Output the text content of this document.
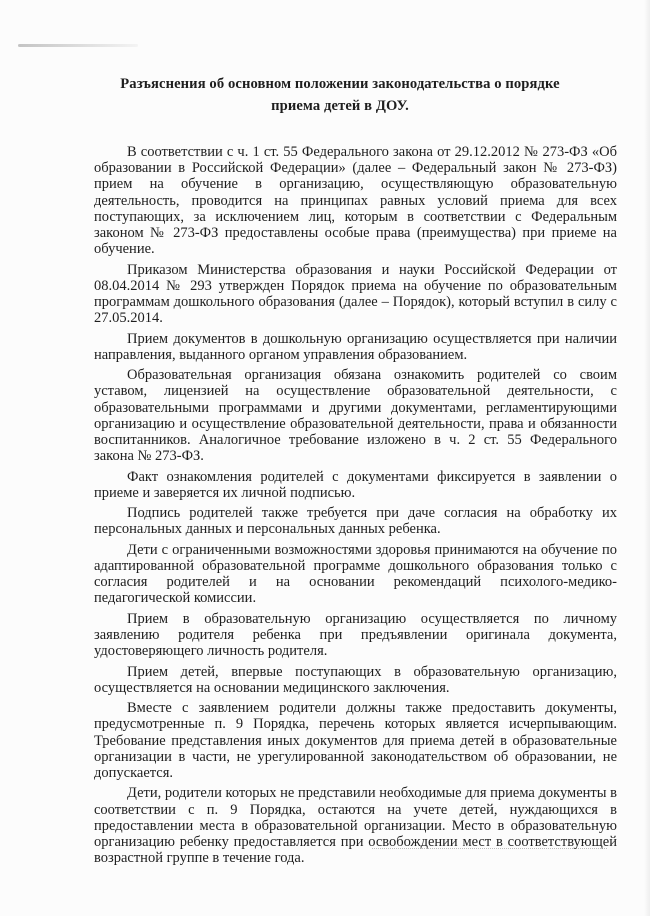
Разъяснения об основном положении законодательства о порядке
приема детей в ДОУ.

В соответствии с ч. 1 ст. 55 Федерального закона от 29.12.2012 № 273-ФЗ «Об образовании в Российской Федерации» (далее – Федеральный закон № 273-ФЗ) прием на обучение в организацию, осуществляющую образовательную деятельность, проводится на принципах равных условий приема для всех поступающих, за исключением лиц, которым в соответствии с Федеральным законом № 273-ФЗ предоставлены особые права (преимущества) при приеме на обучение.

Приказом Министерства образования и науки Российской Федерации от 08.04.2014 № 293 утвержден Порядок приема на обучение по образовательным программам дошкольного образования (далее – Порядок), который вступил в силу с 27.05.2014.

Прием документов в дошкольную организацию осуществляется при наличии направления, выданного органом управления образованием.

Образовательная организация обязана ознакомить родителей со своим уставом, лицензией на осуществление образовательной деятельности, с образовательными программами и другими документами, регламентирующими организацию и осуществление образовательной деятельности, права и обязанности воспитанников. Аналогичное требование изложено в ч. 2 ст. 55 Федерального закона № 273-ФЗ.

Факт ознакомления родителей с документами фиксируется в заявлении о приеме и заверяется их личной подписью.

Подпись родителей также требуется при даче согласия на обработку их персональных данных и персональных данных ребенка.

Дети с ограниченными возможностями здоровья принимаются на обучение по адаптированной образовательной программе дошкольного образования только с согласия родителей и на основании рекомендаций психолого-медико-педагогической комиссии.

Прием в образовательную организацию осуществляется по личному заявлению родителя ребенка при предъявлении оригинала документа, удостоверяющего личность родителя.

Прием детей, впервые поступающих в образовательную организацию, осуществляется на основании медицинского заключения.

Вместе с заявлением родители должны также предоставить документы, предусмотренные п. 9 Порядка, перечень которых является исчерпывающим. Требование представления иных документов для приема детей в образовательные организации в части, не урегулированной законодательством об образовании, не допускается.

Дети, родители которых не представили необходимые для приема документы в соответствии с п. 9 Порядка, остаются на учете детей, нуждающихся в предоставлении места в образовательной организации. Место в образовательную организацию ребенку предоставляется при освобождении мест в соответствующей возрастной группе в течение года.
